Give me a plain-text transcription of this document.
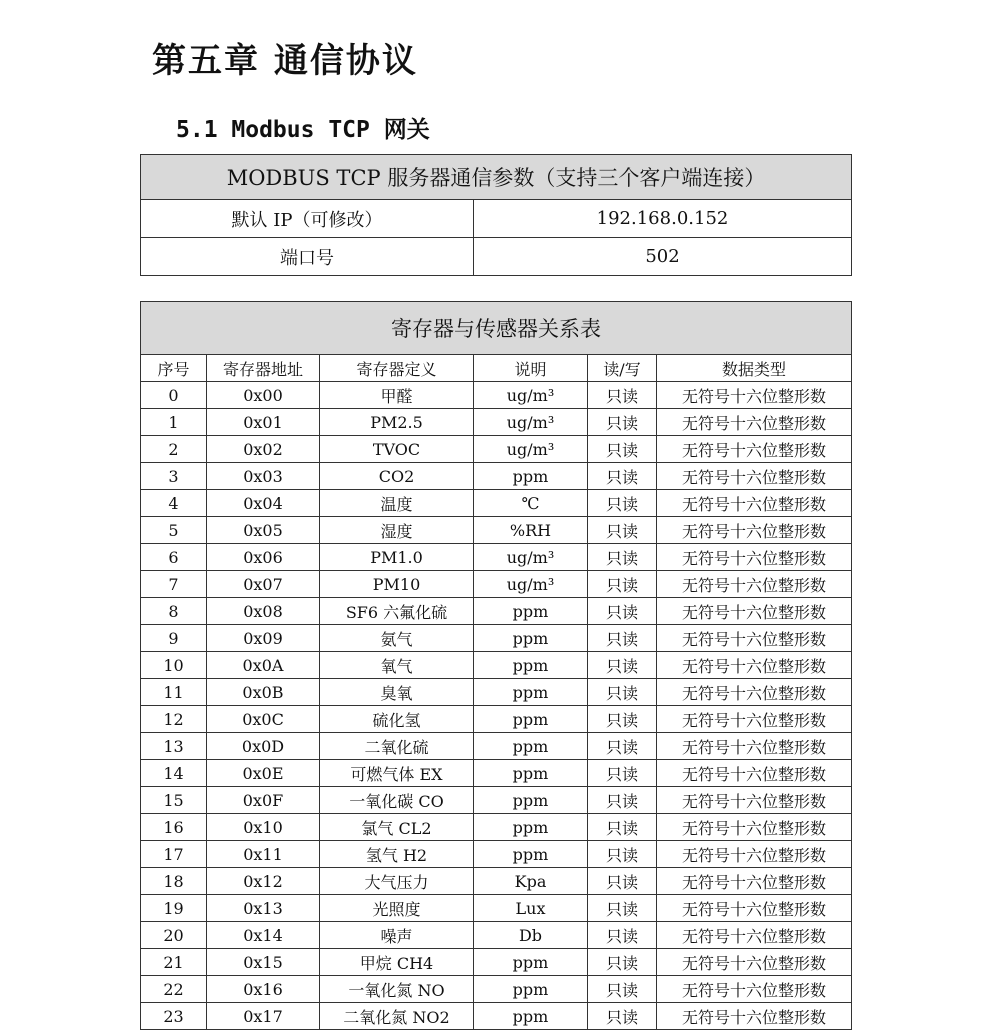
第五章 通信协议
5.1 Modbus TCP 网关
MODBUS TCP 服务器通信参数（支持三个客户端连接）	
默认 IP（可修改）	192.168.0.152
端口号	502
寄存器与传感器关系表					
序号	寄存器地址	寄存器定义	说明	读/写	数据类型
0	0x00	甲醛	ug/m³	只读	无符号十六位整形数
1	0x01	PM2.5	ug/m³	只读	无符号十六位整形数
2	0x02	TVOC	ug/m³	只读	无符号十六位整形数
3	0x03	CO2	ppm	只读	无符号十六位整形数
4	0x04	温度	℃	只读	无符号十六位整形数
5	0x05	湿度	%RH	只读	无符号十六位整形数
6	0x06	PM1.0	ug/m³	只读	无符号十六位整形数
7	0x07	PM10	ug/m³	只读	无符号十六位整形数
8	0x08	SF6 六氟化硫	ppm	只读	无符号十六位整形数
9	0x09	氨气	ppm	只读	无符号十六位整形数
10	0x0A	氧气	ppm	只读	无符号十六位整形数
11	0x0B	臭氧	ppm	只读	无符号十六位整形数
12	0x0C	硫化氢	ppm	只读	无符号十六位整形数
13	0x0D	二氧化硫	ppm	只读	无符号十六位整形数
14	0x0E	可燃气体 EX	ppm	只读	无符号十六位整形数
15	0x0F	一氧化碳 CO	ppm	只读	无符号十六位整形数
16	0x10	氯气 CL2	ppm	只读	无符号十六位整形数
17	0x11	氢气 H2	ppm	只读	无符号十六位整形数
18	0x12	大气压力	Kpa	只读	无符号十六位整形数
19	0x13	光照度	Lux	只读	无符号十六位整形数
20	0x14	噪声	Db	只读	无符号十六位整形数
21	0x15	甲烷 CH4	ppm	只读	无符号十六位整形数
22	0x16	一氧化氮 NO	ppm	只读	无符号十六位整形数
23	0x17	二氧化氮 NO2	ppm	只读	无符号十六位整形数
